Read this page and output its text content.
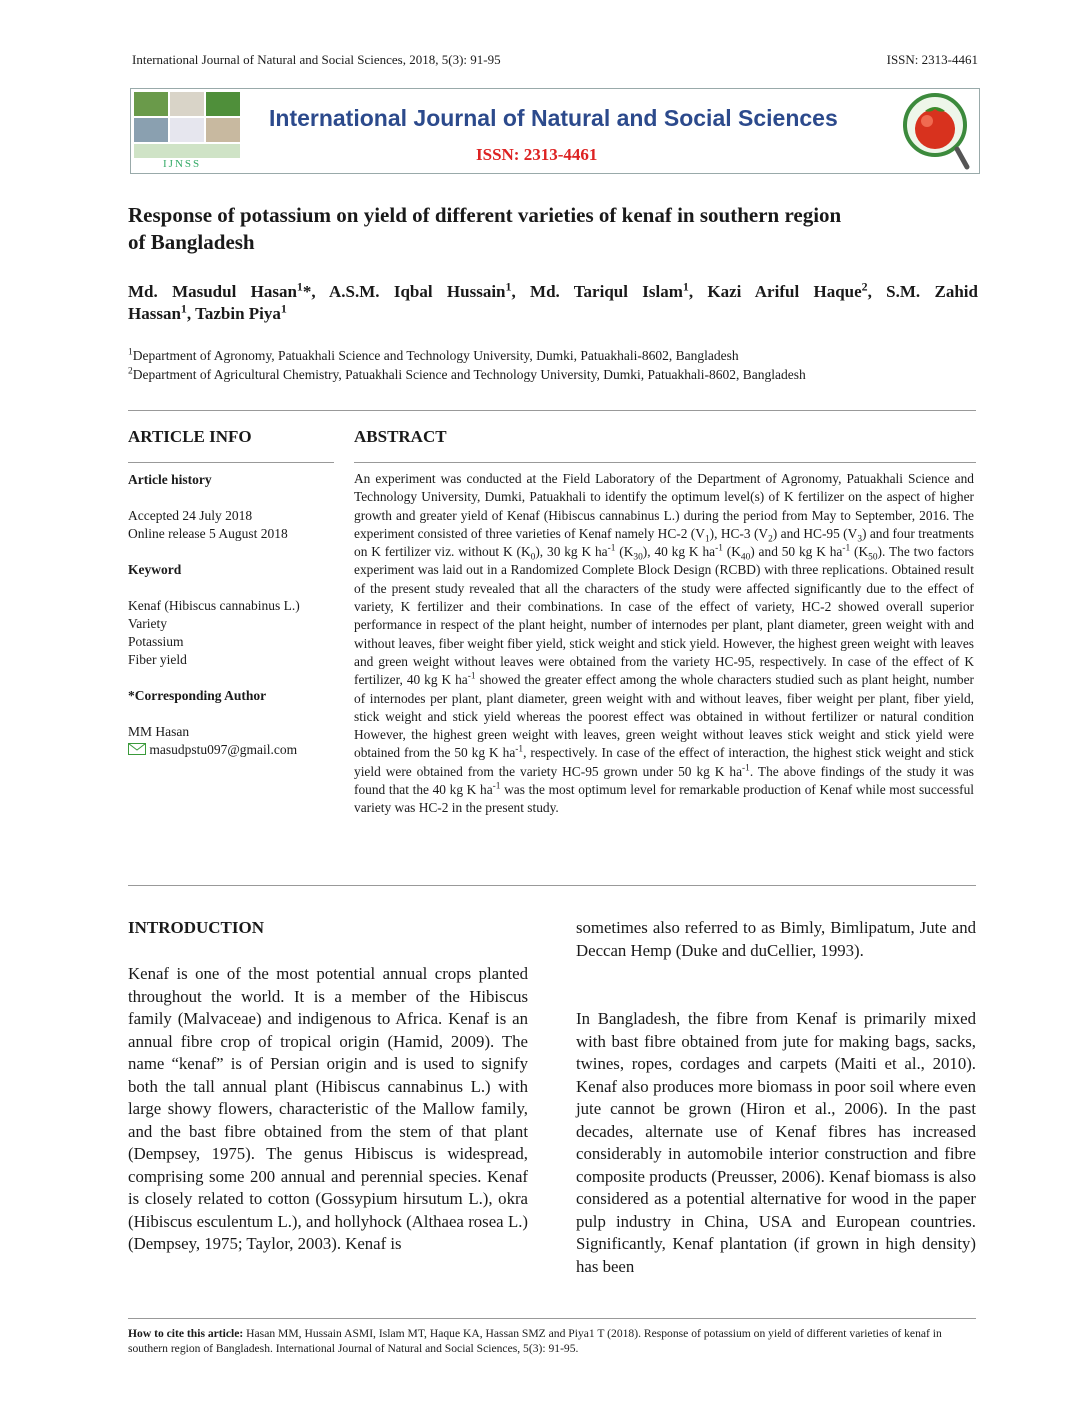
International Journal of Natural and Social Sciences, 2018, 5(3): 91-95	ISSN: 2313-4461
IJNSS
International Journal of Natural and Social Sciences
ISSN: 2313-4461
Response of potassium on yield of different varieties of kenaf in southern region
of Bangladesh
Md. Masudul Hasan$^1$*, A.S.M. Iqbal Hussain$^1$, Md. Tariqul Islam$^1$, Kazi Ariful Haque$^2$, S.M. Zahid
Hassan$^1$, Tazbin Piya$^1$
$^1$Department of Agronomy, Patuakhali Science and Technology University, Dumki, Patuakhali-8602, Bangladesh
$^2$Department of Agricultural Chemistry, Patuakhali Science and Technology University, Dumki, Patuakhali-8602, Bangladesh
ARTICLE INFO	ABSTRACT
Article history
Accepted 24 July 2018
Online release 5 August 2018
Keyword
Kenaf (Hibiscus cannabinus L.)
Variety
Potassium
Fiber yield
*Corresponding Author
MM Hasan
masudpstu097@gmail.com
An experiment was conducted at the Field Laboratory of the Department of Agronomy, Patuakhali Science and Technology University, Dumki, Patuakhali to identify the optimum level(s) of K fertilizer on the aspect of higher growth and greater yield of Kenaf (Hibiscus cannabinus L.) during the period from May to September, 2016. The experiment consisted of three varieties of Kenaf namely HC-2 $(V_1)$, HC-3 $(V_2)$ and HC-95 $(V_3)$ and four treatments on K fertilizer viz. without K $(K_0)$, 30 kg K $ha^{-1}$ $(K_{30})$, 40 kg K $ha^{-1}$ $(K_{40})$ and 50 kg K $ha^{-1}$ $(K_{50})$. The two factors experiment was laid out in a Randomized Complete Block Design (RCBD) with three replications. Obtained result of the present study revealed that all the characters of the study were affected significantly due to the effect of variety, K fertilizer and their combinations. In case of the effect of variety, HC-2 showed overall superior performance in respect of the plant height, number of internodes per plant, plant diameter, green weight with and without leaves, fiber weight fiber yield, stick weight and stick yield. However, the highest green weight with leaves and green weight without leaves were obtained from the variety HC-95, respectively. In case of the effect of K fertilizer, 40 kg K $ha^{-1}$ showed the greater effect among the whole characters studied such as plant height, number of internodes per plant, plant diameter, green weight with and without leaves, fiber weight per plant, fiber yield, stick weight and stick yield whereas the poorest effect was obtained in without fertilizer or natural condition However, the highest green weight with leaves, green weight without leaves stick weight and stick yield were obtained from the 50 kg K $ha^{-1}$, respectively. In case of the effect of interaction, the highest stick weight and stick yield were obtained from the variety HC-95 grown under 50 kg K $ha^{-1}$. The above findings of the study it was found that the 40 kg K $ha^{-1}$ was the most optimum level for remarkable production of Kenaf while most successful variety was HC-2 in the present study.
INTRODUCTION
Kenaf is one of the most potential annual crops planted throughout the world. It is a member of the Hibiscus family (Malvaceae) and indigenous to Africa. Kenaf is an annual fibre crop of tropical origin (Hamid, 2009). The name “kenaf” is of Persian origin and is used to signify both the tall annual plant (Hibiscus cannabinus L.) with large showy flowers, characteristic of the Mallow family, and the bast fibre obtained from the stem of that plant (Dempsey, 1975). The genus Hibiscus is widespread, comprising some 200 annual and perennial species. Kenaf is closely related to cotton (Gossypium hirsutum L.), okra (Hibiscus esculentum L.), and hollyhock (Althaea rosea L.) (Dempsey, 1975; Taylor, 2003). Kenaf is
sometimes also referred to as Bimly, Bimlipatum, Jute and Deccan Hemp (Duke and duCellier, 1993).
In Bangladesh, the fibre from Kenaf is primarily mixed with bast fibre obtained from jute for making bags, sacks, twines, ropes, cordages and carpets (Maiti et al., 2010). Kenaf also produces more biomass in poor soil where even jute cannot be grown (Hiron et al., 2006). In the past decades, alternate use of Kenaf fibres has increased considerably in automobile interior construction and fibre composite products (Preusser, 2006). Kenaf biomass is also considered as a potential alternative for wood in the paper pulp industry in China, USA and European countries. Significantly, Kenaf plantation (if grown in high density) has been
How to cite this article: Hasan MM, Hussain ASMI, Islam MT, Haque KA, Hassan SMZ and Piya1 T (2018). Response of potassium on yield of different varieties of kenaf in southern region of Bangladesh. International Journal of Natural and Social Sciences, 5(3): 91-95.
